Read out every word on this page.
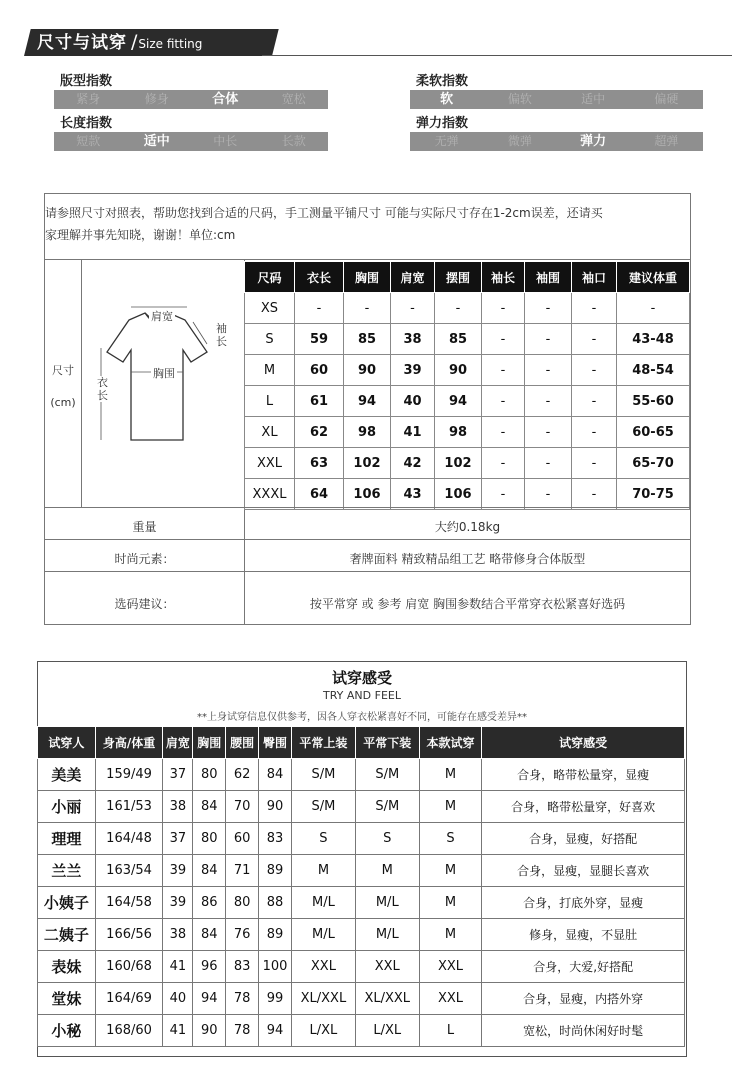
尺寸与试穿 /Size fitting
版型指数
紧身	修身	合体	宽松
柔软指数
软	偏软	适中	偏硬
长度指数
短款	适中	中长	长款
弹力指数
无弹	微弹	弹力	超弹
请参照尺寸对照表，帮助您找到合适的尺码，手工测量平铺尺寸 可能与实际尺寸存在1-2cm误差，还请买
家理解并事先知晓，谢谢！单位:cm
尺寸
(cm)
肩宽
袖长
胸围
衣长
尺码	衣长	胸围	肩宽	摆围	袖长	袖围	袖口	建议体重
XS	-	-	-	-	-	-	-	-
S	59	85	38	85	-	-	-	43-48
M	60	90	39	90	-	-	-	48-54
L	61	94	40	94	-	-	-	55-60
XL	62	98	41	98	-	-	-	60-65
XXL	63	102	42	102	-	-	-	65-70
XXXL	64	106	43	106	-	-	-	70-75
重量	大约0.18kg
时尚元素：	奢牌面料 精致精品组工艺 略带修身合体版型
选码建议：	按平常穿 或 参考 肩宽 胸围参数结合平常穿衣松紧喜好选码
试穿感受
TRY AND FEEL
**上身试穿信息仅供参考，因各人穿衣松紧喜好不同，可能存在感受差异**
试穿人	身高/体重	肩宽	胸围	腰围	臀围	平常上装	平常下装	本款试穿	试穿感受
美美	159/49	37	80	62	84	S/M	S/M	M	合身，略带松量穿，显瘦
小丽	161/53	38	84	70	90	S/M	S/M	M	合身，略带松量穿，好喜欢
理理	164/48	37	80	60	83	S	S	S	合身，显瘦，好搭配
兰兰	163/54	39	84	71	89	M	M	M	合身，显瘦，显腿长喜欢
小姨子	164/58	39	86	80	88	M/L	M/L	M	合身，打底外穿，显瘦
二姨子	166/56	38	84	76	89	M/L	M/L	M	修身，显瘦，不显肚
表妹	160/68	41	96	83	100	XXL	XXL	XXL	合身，大爱,好搭配
堂妹	164/69	40	94	78	99	XL/XXL	XL/XXL	XXL	合身，显瘦，内搭外穿
小秘	168/60	41	90	78	94	L/XL	L/XL	L	宽松，时尚休闲好时髦
